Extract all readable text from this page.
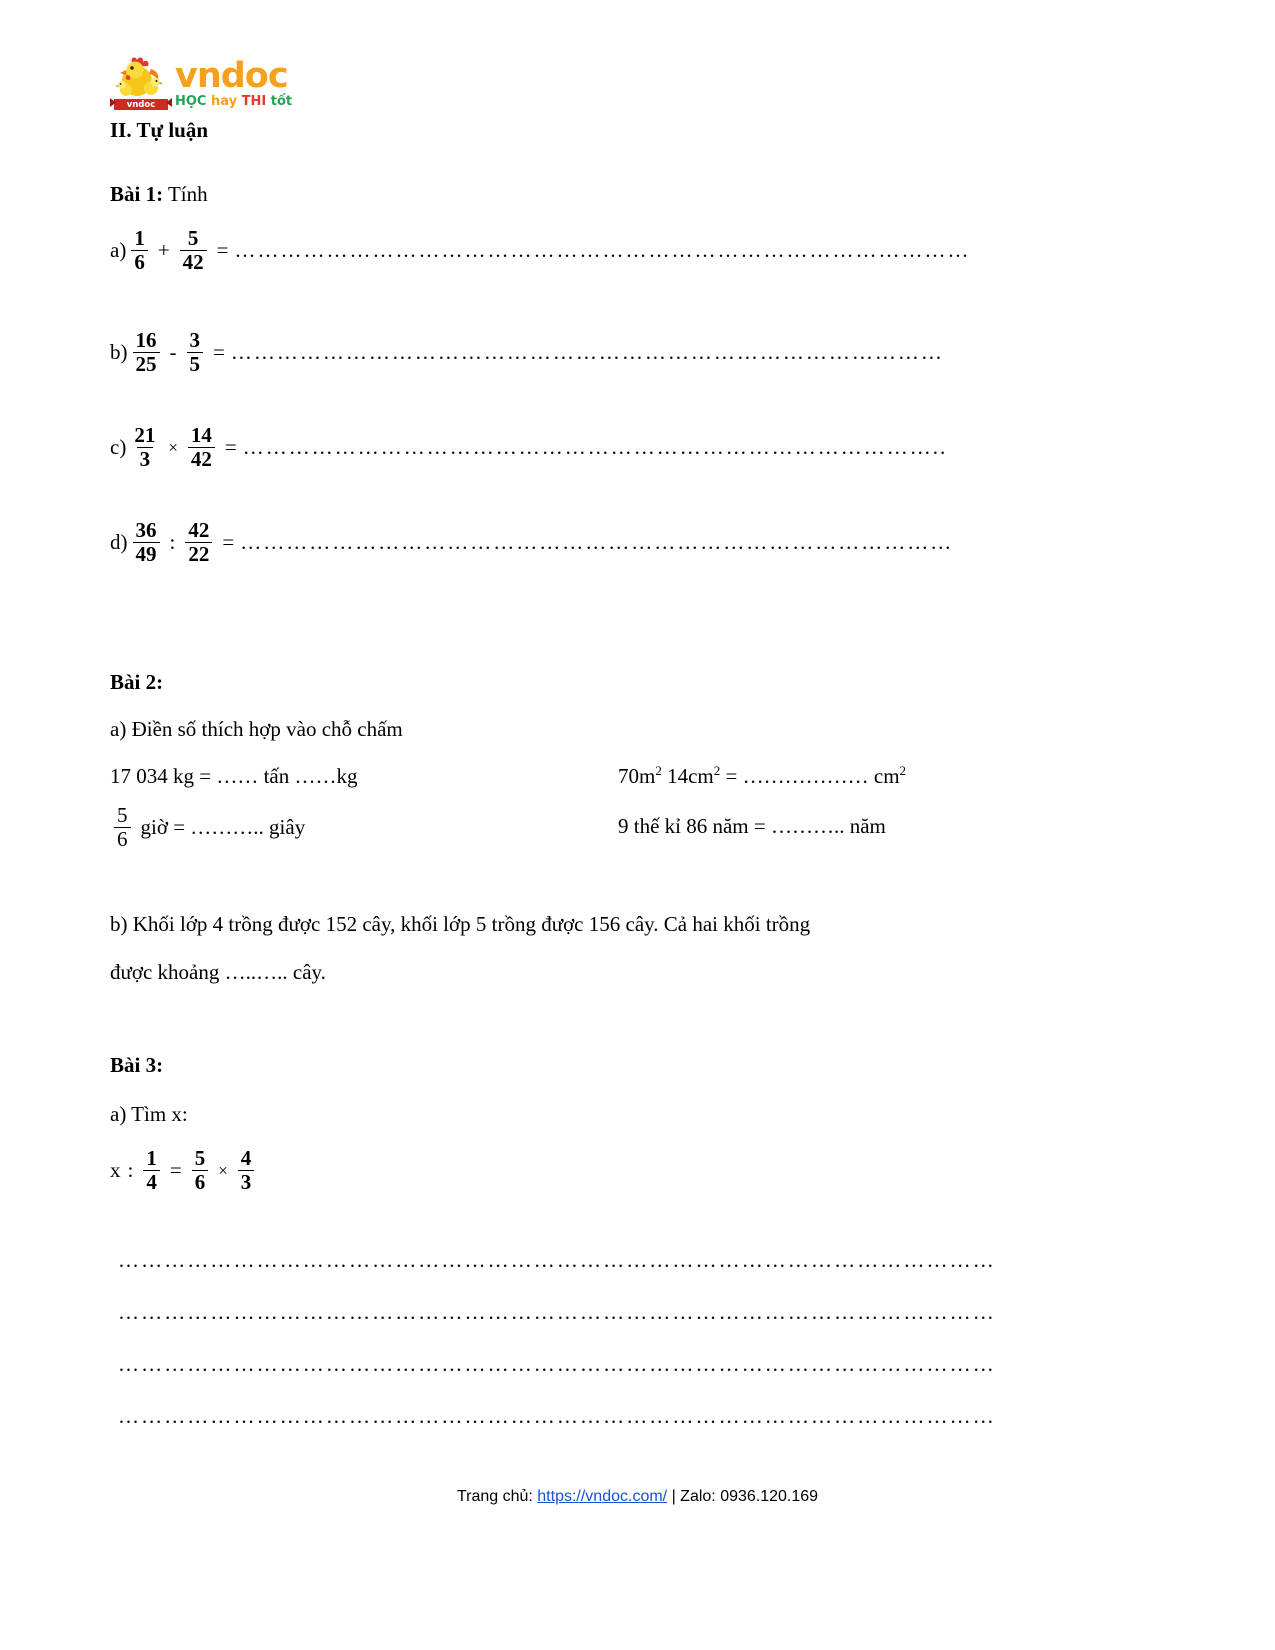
vndoc
vndoc
HỌC hay THI tốt
II. Tự luận
Bài 1: Tính
$a) \frac{1}{6} + \frac{5}{42}$ = ……………………………………………………………………………………
$b) \frac{16}{25} - \frac{3}{5}$ = …………………………………………………………………………………
$c) \frac{21}{3} \times \frac{14}{42}$ = ………………………………………………………………………………..
$d) \frac{36}{49}$ : $\frac{42}{22}$ = …………………………………………………………………………………
Bài 2:
a) Điền số thích hợp vào chỗ chấm
17 034 kg = …… tấn ……kg	$70m^2$ $14cm^2$ = ……………… $cm^2$
$\frac{5}{6}$ giờ = ……….. giây	9 thế kỉ 86 năm = ……….. năm
b) Khối lớp 4 trồng được 152 cây, khối lớp 5 trồng được 156 cây. Cả hai khối trồng
được khoảng …..….. cây.
Bài 3:
a) Tìm x:
x : $\frac{1}{4} = \frac{5}{6} \times \frac{4}{3}$
……………………………………………………………………………………………………
……………………………………………………………………………………………………
……………………………………………………………………………………………………
……………………………………………………………………………………………………
Trang chủ: https://vndoc.com/ | Zalo: 0936.120.169
